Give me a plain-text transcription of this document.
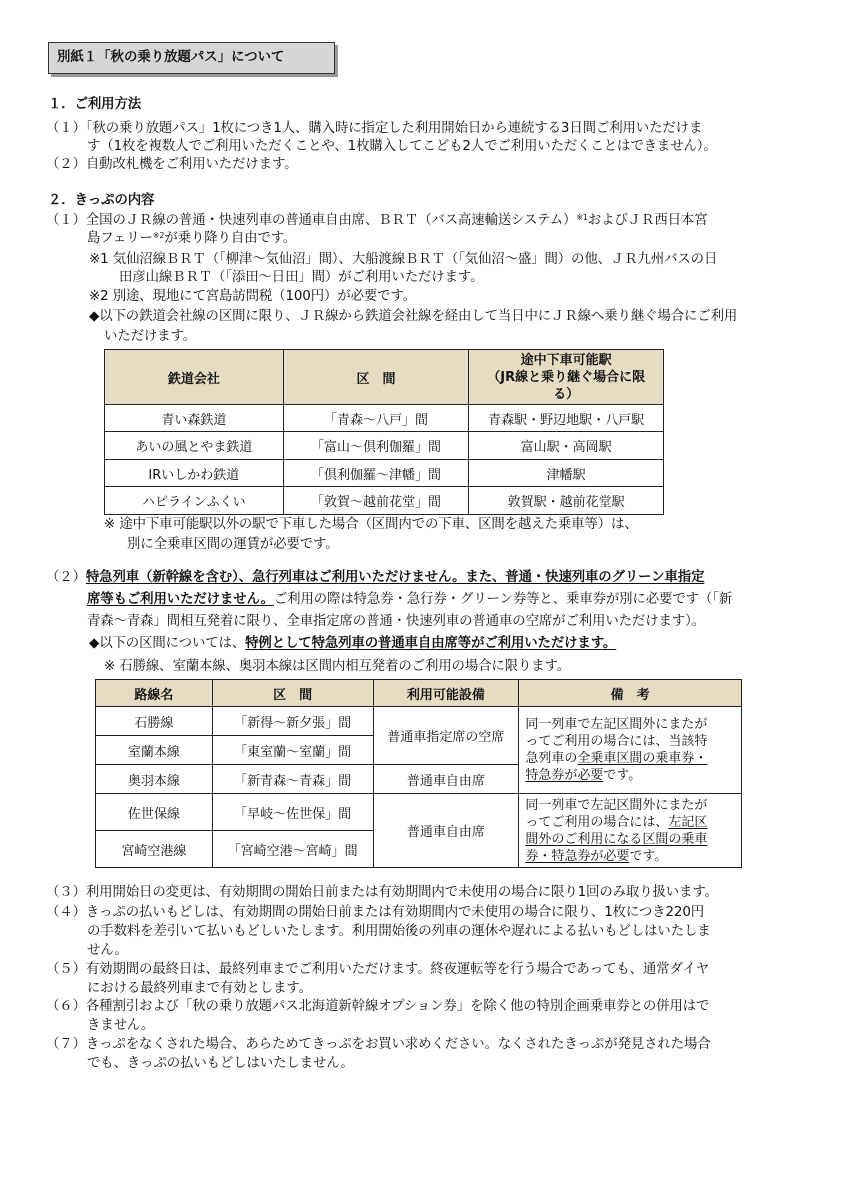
別紙１「秋の乗り放題パス」について
１．ご利用方法
（１）「秋の乗り放題パス」1枚につき1人、購入時に指定した利用開始日から連続する3日間ご利用いただけま
す（1枚を複数人でご利用いただくことや、1枚購入してこども2人でご利用いただくことはできません）。
（２）自動改札機をご利用いただけます。
２．きっぷの内容
（１）全国のＪＲ線の普通・快速列車の普通車自由席、ＢＲＴ（バス高速輸送システム）$^{※1}$およびＪＲ西日本宮
島フェリー$^{※2}$が乗り降り自由です。
※1 気仙沼線ＢＲＴ（「柳津～気仙沼」間）、大船渡線ＢＲＴ（「気仙沼～盛」間）の他、ＪＲ九州バスの日
田彦山線ＢＲＴ（「添田～日田」間）がご利用いただけます。
※2 別途、現地にて宮島訪問税（100円）が必要です。
◆以下の鉄道会社線の区間に限り、ＪＲ線から鉄道会社線を経由して当日中にＪＲ線へ乗り継ぐ場合にご利用
いただけます。
鉄道会社	区　間	途中下車可能駅
（JR線と乗り継ぐ場合に限
る）

青い森鉄道	「青森～八戸」間	青森駅・野辺地駅・八戸駅
あいの風とやま鉄道	「富山～倶利伽羅」間	富山駅・高岡駅
IRいしかわ鉄道	「倶利伽羅～津幡」間	津幡駅
ハピラインふくい	「敦賀～越前花堂」間	敦賀駅・越前花堂駅
※ 途中下車可能駅以外の駅で下車した場合（区間内での下車、区間を越えた乗車等）は、
別に全乗車区間の運賃が必要です。
（２）特急列車（新幹線を含む）、急行列車はご利用いただけません。また、普通・快速列車のグリーン車指定
席等もご利用いただけません。ご利用の際は特急券・急行券・グリーン券等と、乗車券が別に必要です（「新
青森～青森」間相互発着に限り、全車指定席の普通・快速列車の普通車の空席がご利用いただけます）。
◆以下の区間については、特例として特急列車の普通車自由席等がご利用いただけます。
※ 石勝線、室蘭本線、奥羽本線は区間内相互発着のご利用の場合に限ります。
路線名	区　間	利用可能設備	備　考
石勝線	「新得～新夕張」間	普通車指定席の空席	同一列車で左記区間外にまたが
ってご利用の場合には、当該特
急列車の全乗車区間の乗車券・
特急券が必要です。

室蘭本線	「東室蘭～室蘭」間		
奥羽本線	「新青森～青森」間	普通車自由席	
佐世保線	「早岐～佐世保」間	普通車自由席	同一列車で左記区間外にまたが
ってご利用の場合には、左記区
間外のご利用になる区間の乗車
券・特急券が必要です。

宮崎空港線	「宮崎空港～宮崎」間		
（３）利用開始日の変更は、有効期間の開始日前または有効期間内で未使用の場合に限り1回のみ取り扱います。
（４）きっぷの払いもどしは、有効期間の開始日前または有効期間内で未使用の場合に限り、1枚につき220円
の手数料を差引いて払いもどしいたします。利用開始後の列車の運休や遅れによる払いもどしはいたしま
せん。
（５）有効期間の最終日は、最終列車までご利用いただけます。終夜運転等を行う場合であっても、通常ダイヤ
における最終列車まで有効とします。
（６）各種割引および「秋の乗り放題パス北海道新幹線オプション券」を除く他の特別企画乗車券との併用はで
きません。
（７）きっぷをなくされた場合、あらためてきっぷをお買い求めください。なくされたきっぷが発見された場合
でも、きっぷの払いもどしはいたしません。
